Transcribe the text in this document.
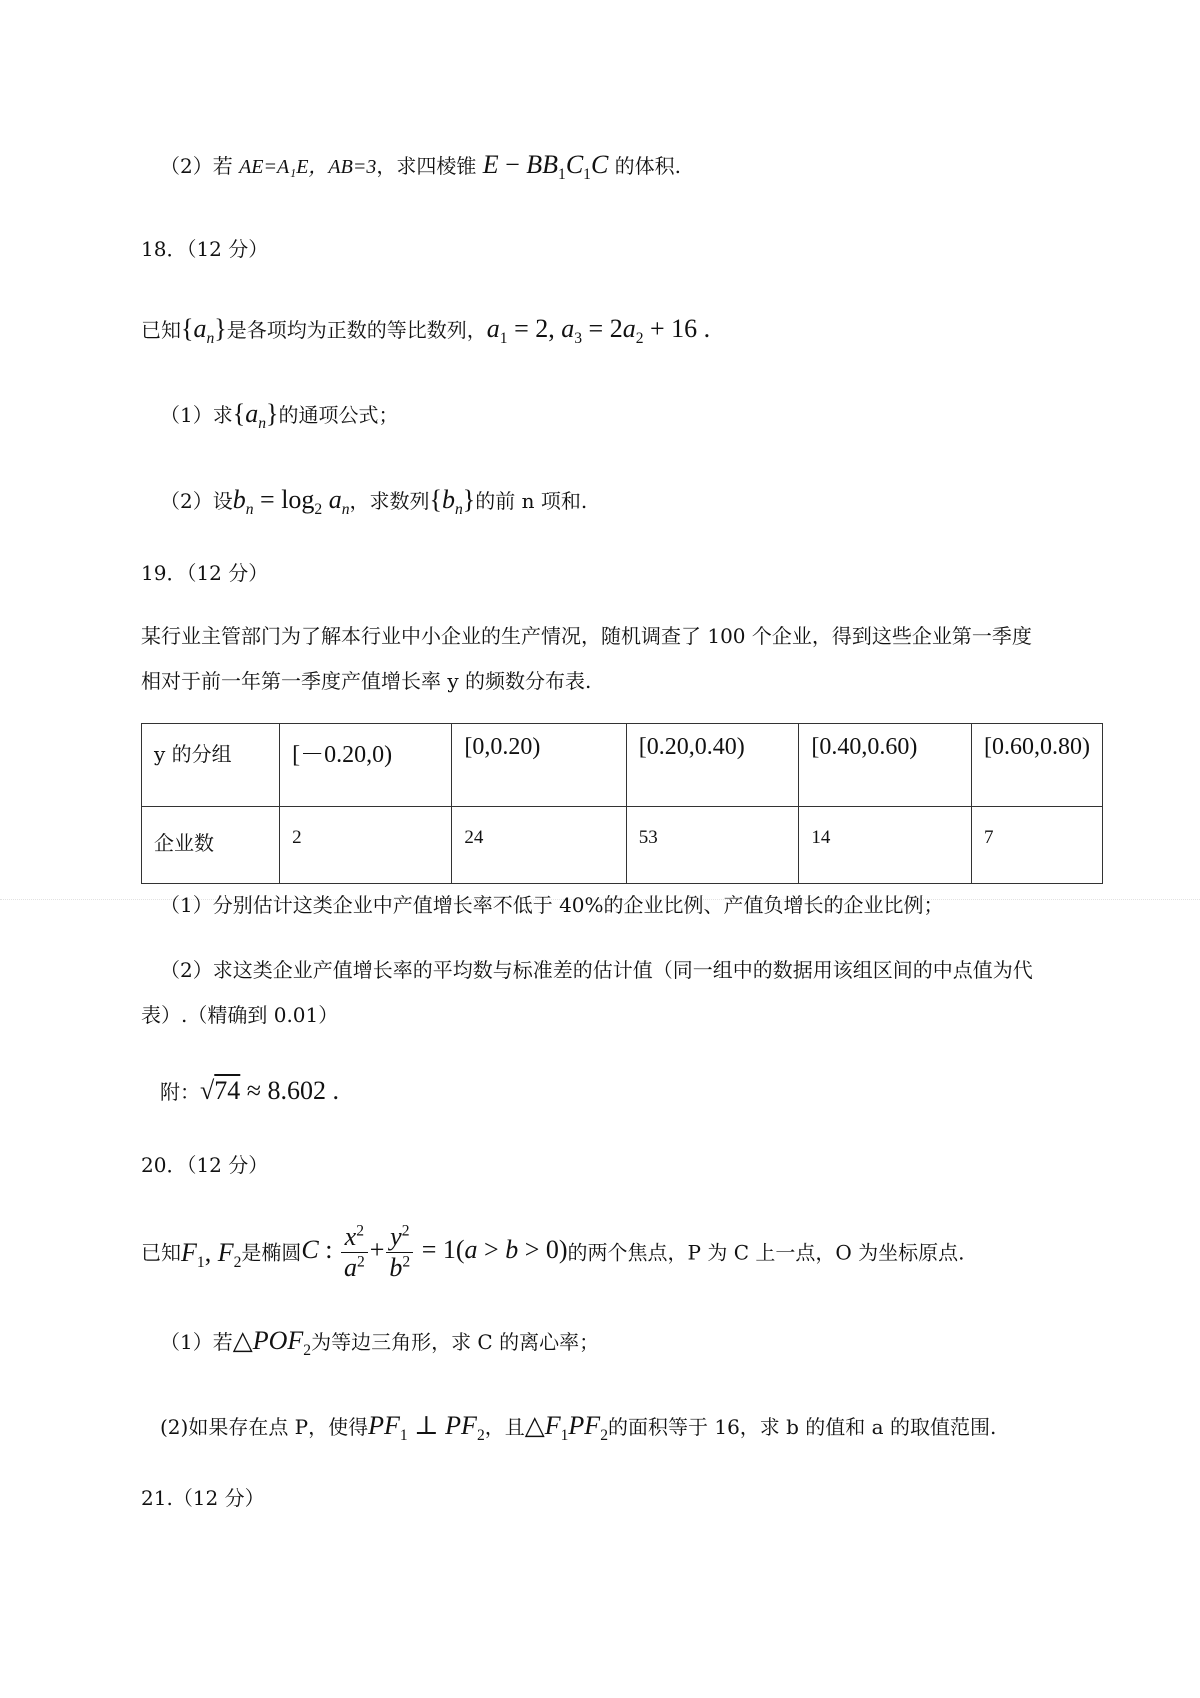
（2）若 AE=A₁E，AB=3，求四棱锥 $E - BB_1C_1C$ 的体积.
18．（12 分）
已知$\{a_n\}$是各项均为正数的等比数列，$a_1 = 2$, $a_3 = 2a_2 + 16$ .
（1）求$\{a_n\}$的通项公式；
（2）设$b_n = \log_2 a_n$，求数列$\{b_n\}$的前 n 项和.
19．（12 分）
某行业主管部门为了解本行业中小企业的生产情况，随机调查了 100 个企业，得到这些企业第一季度
相对于前一年第一季度产值增长率 y 的频数分布表.
y 的分组	[－0.20,0)	[0,0.20)	[0.20,0.40)	[0.40,0.60)	[0.60,0.80)
企业数	2	24	53	14	7
（1）分别估计这类企业中产值增长率不低于 40%的企业比例、产值负增长的企业比例；
（2）求这类企业产值增长率的平均数与标准差的估计值（同一组中的数据用该组区间的中点值为代
表）.（精确到 0.01）
附：√74 ≈ 8.602 .
20．（12 分）
已知$F_1$, $F_2$是椭圆C : $\frac{x^2}{a^2} + \frac{y^2}{b^2} = 1(a > b > 0)$的两个焦点，P 为 C 上一点，O 为坐标原点.
（1）若$\triangle POF_2$为等边三角形，求 C 的离心率；
(2)如果存在点 P，使得$PF_1$ ⊥ $PF_2$，且$\triangle F_1PF_2$的面积等于 16，求 b 的值和 a 的取值范围.
21.（12 分）
